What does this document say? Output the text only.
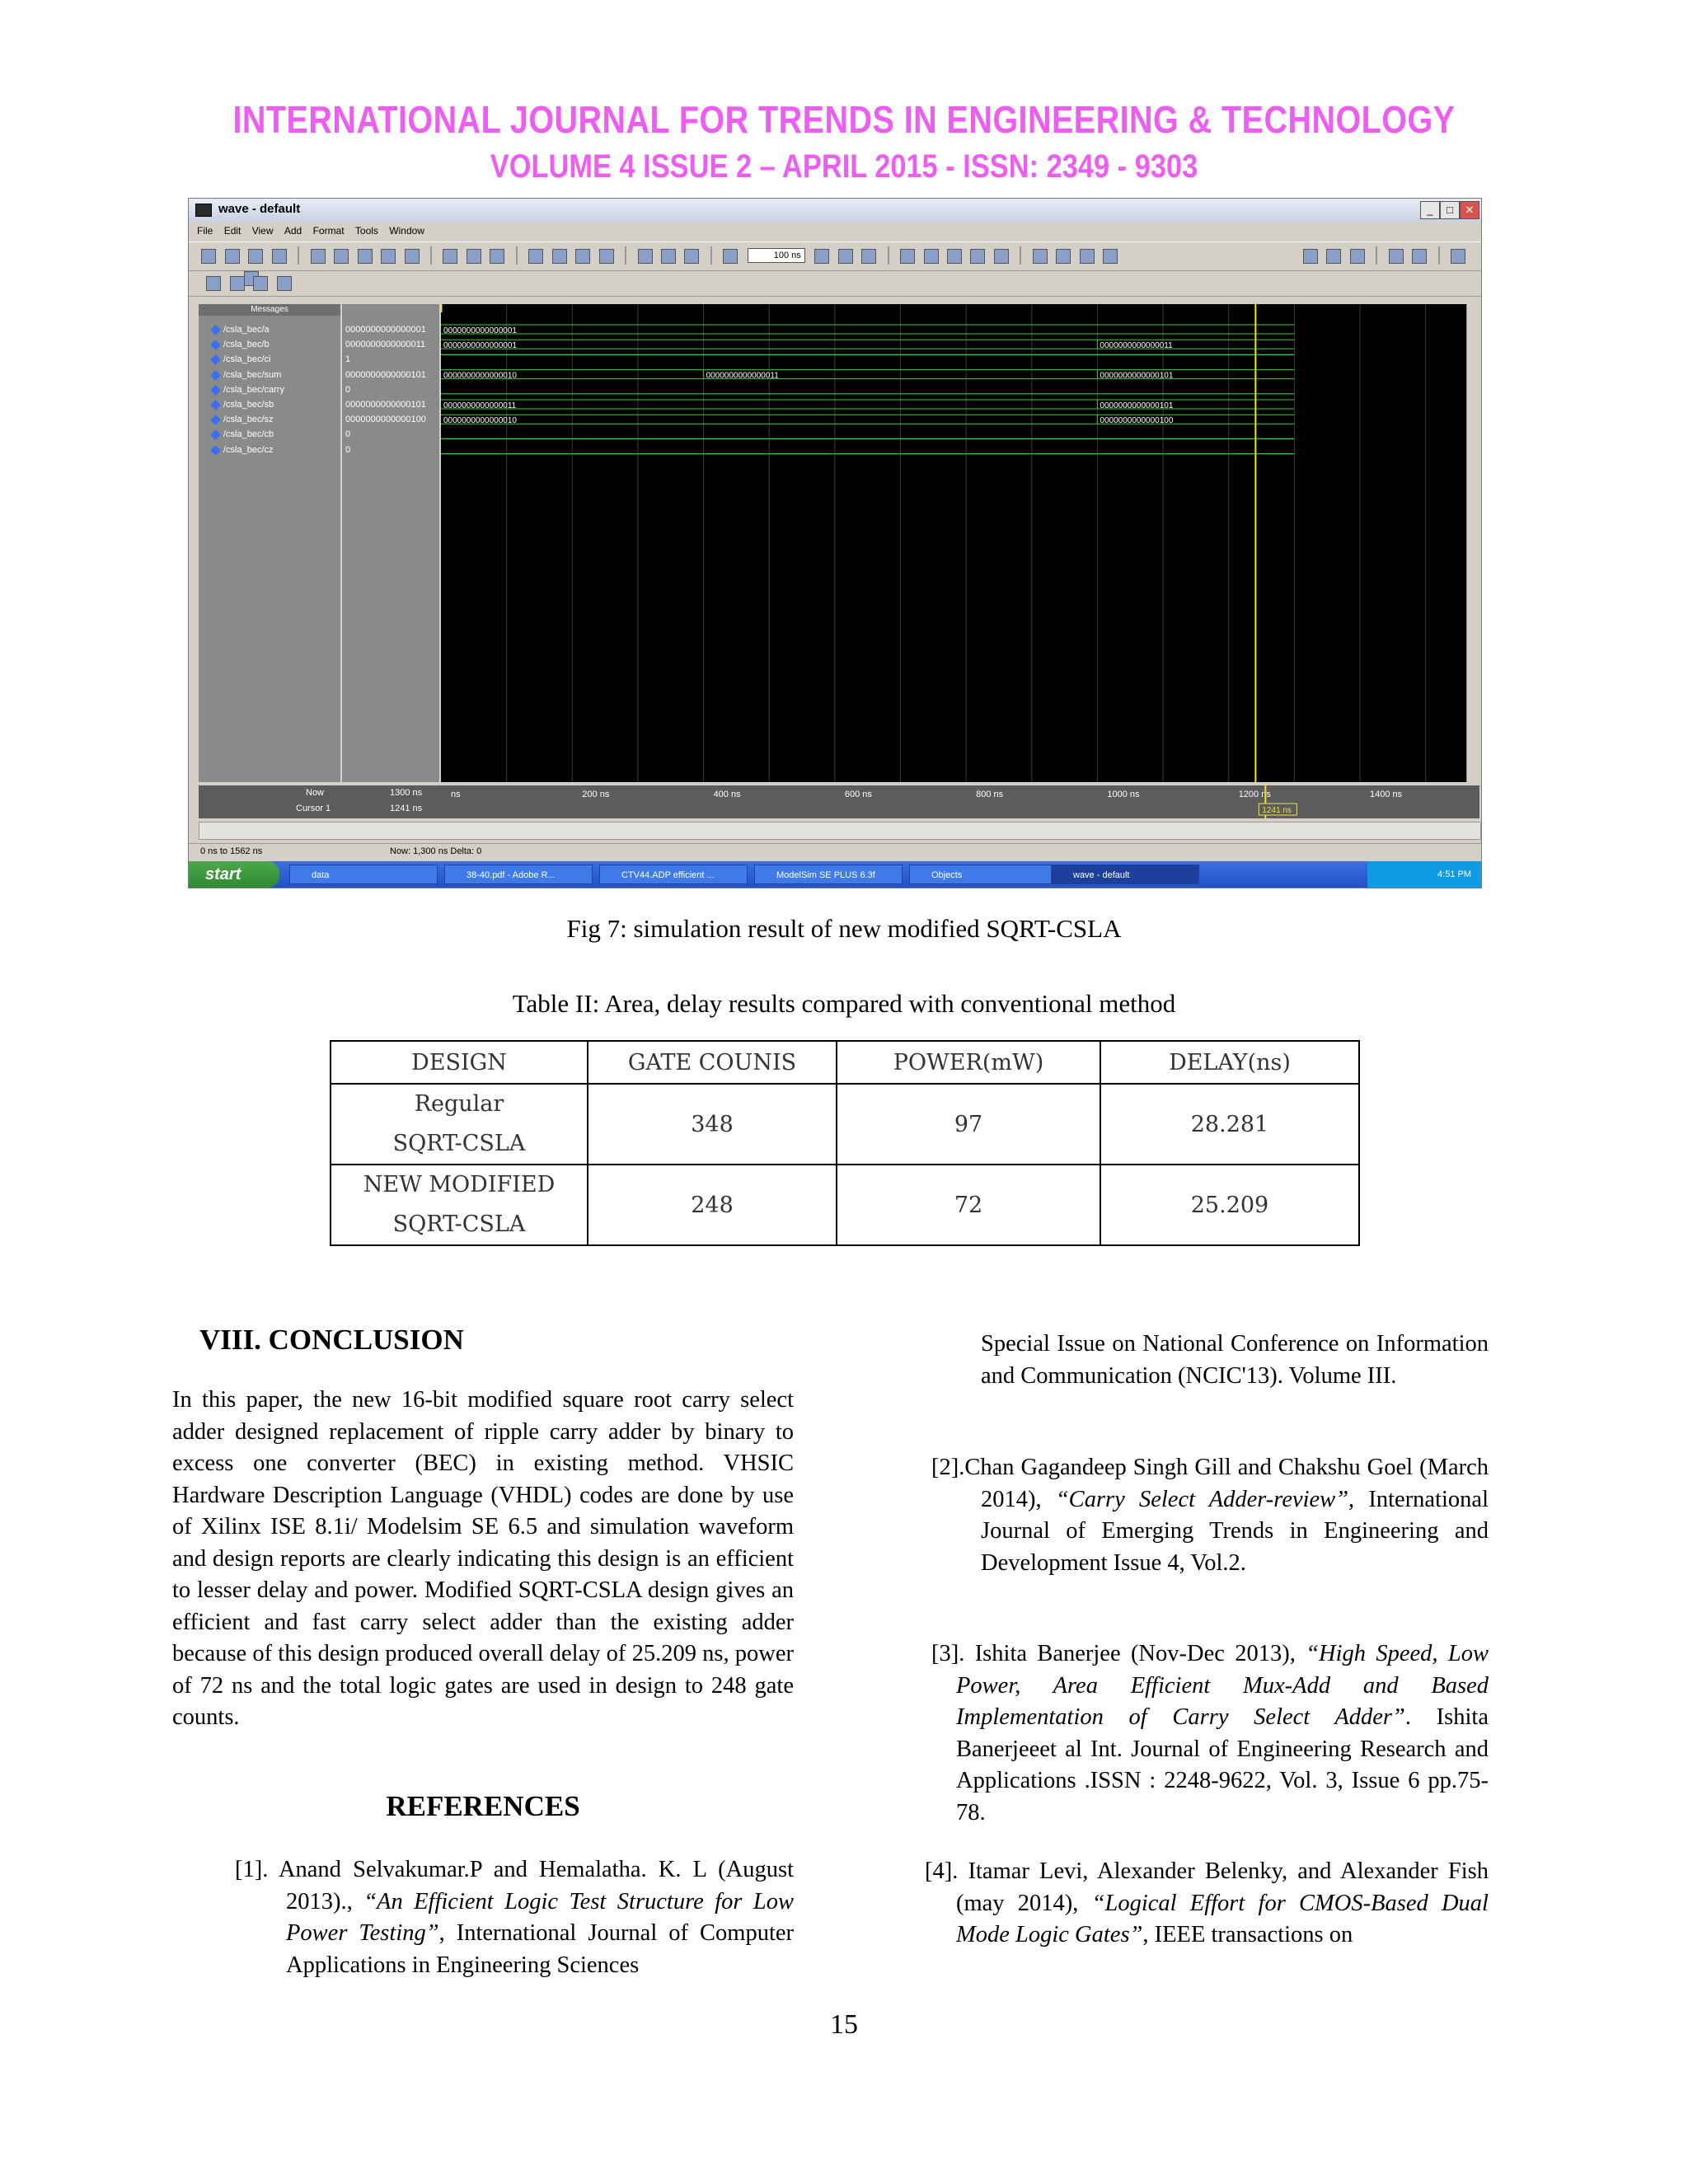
INTERNATIONAL JOURNAL FOR TRENDS IN ENGINEERING & TECHNOLOGY
VOLUME 4 ISSUE 2 – APRIL 2015 - ISSN: 2349 - 9303
wave - default	_	□	✕
File Edit View Add Format Tools Window
100 ns

/csla_bec/a
/csla_bec/b
/csla_bec/ci
/csla_bec/sum
/csla_bec/carry
/csla_bec/sb
/csla_bec/sz
/csla_bec/cb
/csla_bec/cz
Messages
0000000000000001
0000000000000011
1
0000000000000101
0
0000000000000101
0000000000000100
0
0
0000000000000001
0000000000000001	0000000000000011
0000000000000010	0000000000000011	0000000000000101
0000000000000011	0000000000000101
0000000000000010	0000000000000100
Now	1300 ns
Cursor 1	1241 ns
ns	200 ns	400 ns	600 ns	800 ns	1000 ns	1200 ns	1400 ns
1241 ns
0 ns to 1562 ns	Now: 1,300 ns Delta: 0
start	data	38-40.pdf - Adobe R...	CTV44.ADP efficient ...	ModelSim SE PLUS 6.3f	Objects	wave - default	4:51 PM
Fig 7: simulation result of new modified SQRT-CSLA
Table II: Area, delay results compared with conventional method
DESIGN	GATE COUNIS	POWER(mW)	DELAY(ns)

Regular
SQRT-CSLA	348	97	28.281

NEW MODIFIED
SQRT-CSLA	248	72	25.209
VIII. CONCLUSION
In this paper, the new 16-bit modified square root carry select adder designed replacement of ripple carry adder by binary to excess one converter (BEC) in existing method. VHSIC Hardware Description Language (VHDL) codes are done by use of Xilinx ISE 8.1i/ Modelsim SE 6.5 and simulation waveform and design reports are clearly indicating this design is an efficient to lesser delay and power. Modified SQRT-CSLA design gives an efficient and fast carry select adder than the existing adder because of this design produced overall delay of 25.209 ns, power of 72 ns and the total logic gates are used in design to 248 gate counts.
REFERENCES
[1]. Anand Selvakumar.P and Hemalatha. K. L (August 2013)., “An Efficient Logic Test Structure for Low Power Testing”, International Journal of Computer Applications in Engineering Sciences
Special Issue on National Conference on Information and Communication (NCIC'13). Volume III.
[2].Chan Gagandeep Singh Gill and Chakshu Goel (March 2014), “Carry Select Adder-review”, International Journal of Emerging Trends in Engineering and Development Issue 4, Vol.2.
[3]. Ishita Banerjee (Nov-Dec 2013), “High Speed, Low Power, Area Efficient Mux-Add and Based Implementation of Carry Select Adder”. Ishita Banerjeeet al Int. Journal of Engineering Research and Applications .ISSN : 2248-9622, Vol. 3, Issue 6 pp.75-78.
[4]. Itamar Levi, Alexander Belenky, and Alexander Fish (may 2014), “Logical Effort for CMOS-Based Dual Mode Logic Gates”, IEEE transactions on
15
